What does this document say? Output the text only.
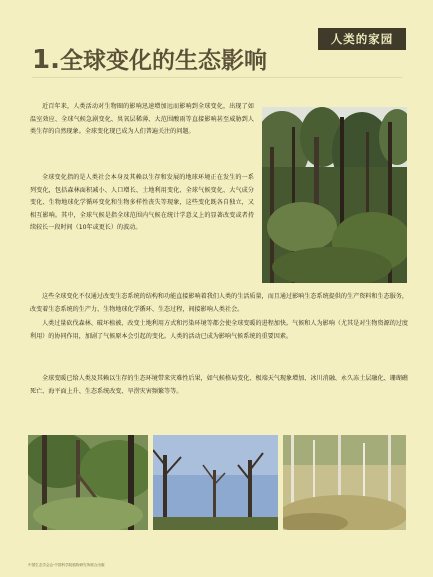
人类的家园
1.全球变化的生态影响
近百年来，人类活动对生物圈的影响迅速增加远而影响到全球变化，出现了如温室效应、全球气候急剧变化、臭氧层稀薄、大范围酸雨等直接影响甚至威胁到人类生存的自然现象。全球变化现已成为人们普遍关注的问题。
全球变化指的是人类社会本身及其赖以生存和发展的地球环境正在发生的一系列变化，包括森林面积减小、人口增长、土地利用变化、全球气候变化、大气成分变化、生物地球化学循环变化和生物多样性丧失等现象，这些变化既各自独立，又相互影响。其中，全球气候是指全球范围内气候在统计学意义上的显著改变或者持续较长一段时间（10年或更长）的波动。
这些全球变化不仅通过改变生态系统的结构和功能直接影响着我们人类的生活质量，而且通过影响生态系统提供的生产资料和生态服务，改变着生态系统的生产力、生物地球化学循环、生态过程，间接影响人类社会。
人类过量砍伐森林、破坏植被、改变土地利用方式和污染环境等都会使全球变暖的进程加快。气候和人为影响（尤其是对生物资源的过度利用）的协同作用，加剧了气候原本会引起的变化。人类的活动已成为影响气候系统的重要因素。
全球变暖已给人类及其赖以生存的生态环境带来灾难性后果，如气候格局变化、极端天气现象增加、冰川消融、永久冻土层融化、珊瑚礁死亡、海平面上升、生态系统改变、旱涝灾害频繁等等。
中国生态学会会·中国科学院植物研究所联合出版
